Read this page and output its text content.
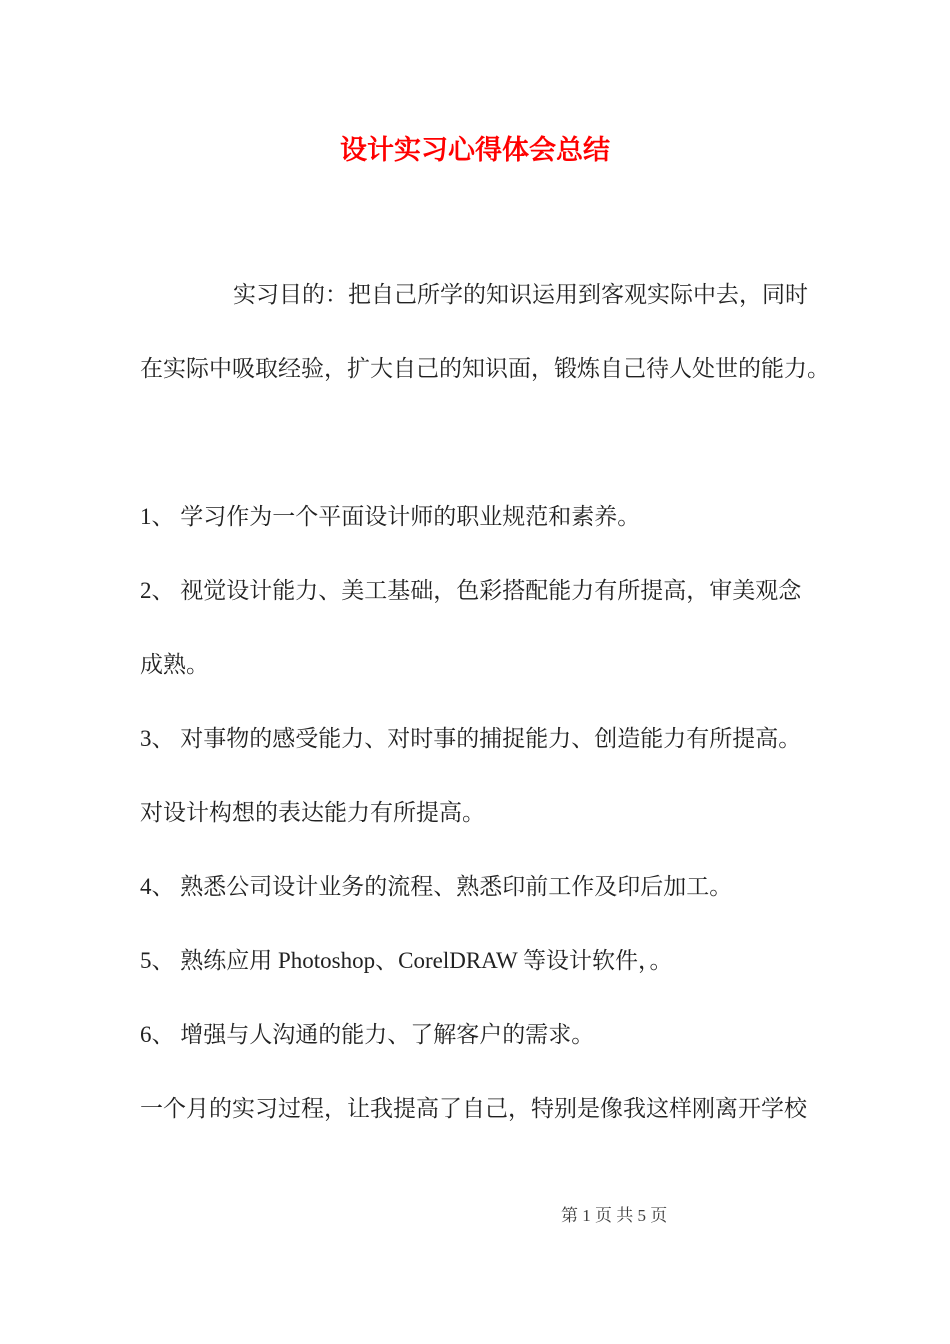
设计实习心得体会总结
实习目的：把自己所学的知识运用到客观实际中去，同时
在实际中吸取经验，扩大自己的知识面，锻炼自己待人处世的能力。
1、 学习作为一个平面设计师的职业规范和素养。
2、 视觉设计能力、美工基础，色彩搭配能力有所提高，审美观念
成熟。
3、 对事物的感受能力、对时事的捕捉能力、创造能力有所提高。
对设计构想的表达能力有所提高。
4、 熟悉公司设计业务的流程、熟悉印前工作及印后加工。
5、 熟练应用 Photoshop、CorelDRAW 等设计软件，。
6、 增强与人沟通的能力、了解客户的需求。
一个月的实习过程，让我提高了自己，特别是像我这样刚离开学校
第 1 页 共 5 页
